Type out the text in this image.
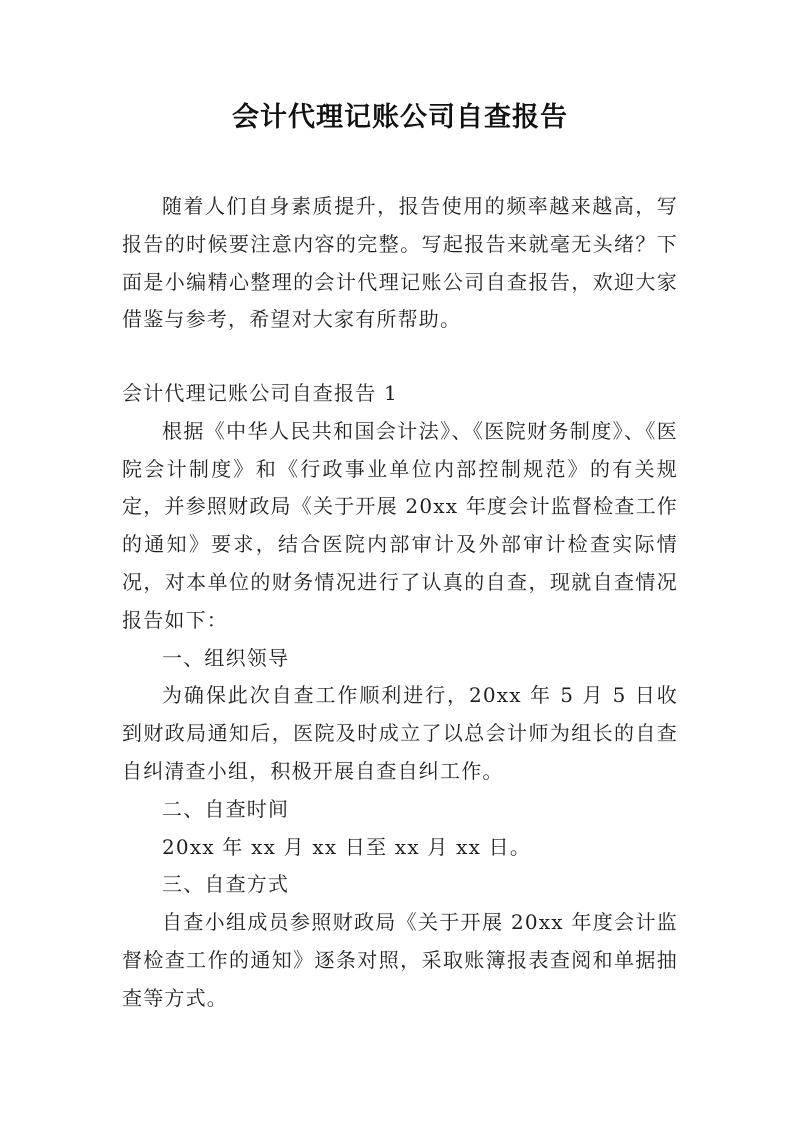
会计代理记账公司自查报告

随着人们自身素质提升，报告使用的频率越来越高，写报告的时候要注意内容的完整。写起报告来就毫无头绪？下面是小编精心整理的会计代理记账公司自查报告，欢迎大家借鉴与参考，希望对大家有所帮助。

会计代理记账公司自查报告 1

根据《中华人民共和国会计法》、《医院财务制度》、《医院会计制度》和《行政事业单位内部控制规范》的有关规定，并参照财政局《关于开展 20xx 年度会计监督检查工作的通知》要求，结合医院内部审计及外部审计检查实际情况，对本单位的财务情况进行了认真的自查，现就自查情况报告如下：

一、组织领导

为确保此次自查工作顺利进行，20xx 年 5 月 5 日收到财政局通知后，医院及时成立了以总会计师为组长的自查自纠清查小组，积极开展自查自纠工作。

二、自查时间

20xx 年 xx 月 xx 日至 xx 月 xx 日。

三、自查方式

自查小组成员参照财政局《关于开展 20xx 年度会计监督检查工作的通知》逐条对照，采取账簿报表查阅和单据抽查等方式。
